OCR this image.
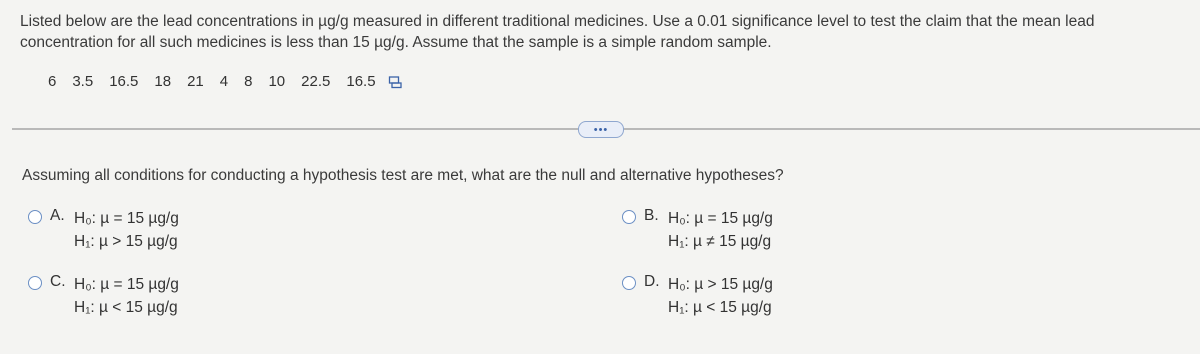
Listed below are the lead concentrations in µg/g measured in different traditional medicines. Use a 0.01 significance level to test the claim that the mean lead concentration for all such medicines is less than 15 µg/g. Assume that the sample is a simple random sample.
6 3.5 16.5 18 21 4 8 10 22.5 16.5
•••
Assuming all conditions for conducting a hypothesis test are met, what are the null and alternative hypotheses?
A. H₀: µ = 15 µg/g
H₁: µ > 15 µg/g
B. H₀: µ = 15 µg/g
H₁: µ ≠ 15 µg/g
C. H₀: µ = 15 µg/g
H₁: µ < 15 µg/g
D. H₀: µ > 15 µg/g
H₁: µ < 15 µg/g
